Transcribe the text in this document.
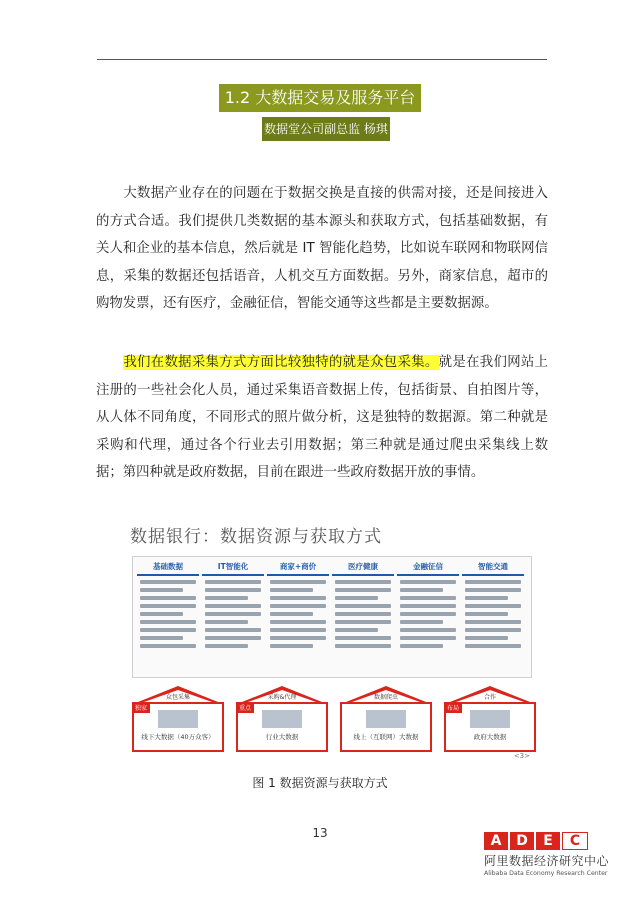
1.2 大数据交易及服务平台
数据堂公司副总监 杨琪

大数据产业存在的问题在于数据交换是直接的供需对接，还是间接进入的方式合适。我们提供几类数据的基本源头和获取方式，包括基础数据，有关人和企业的基本信息，然后就是 IT 智能化趋势，比如说车联网和物联网信息，采集的数据还包括语音，人机交互方面数据。另外，商家信息，超市的购物发票，还有医疗，金融征信，智能交通等这些都是主要数据源。

我们在数据采集方式方面比较独特的就是众包采集。就是在我们网站上注册的一些社会化人员，通过采集语音数据上传，包括街景、自拍图片等，从人体不同角度，不同形式的照片做分析，这是独特的数据源。第二种就是采购和代理，通过各个行业去引用数据；第三种就是通过爬虫采集线上数据；第四种就是政府数据，目前在跟进一些政府数据开放的事情。

数据银行：数据资源与获取方式
基础数据	IT智能化	商家+商价	医疗健康	金融征信	智能交通
众包采集
独家
线下大数据（40万众客）
采购&代理
重点
行业大数据
数据爬虫
线上（互联网）大数据
合作
布局
政府大数据
<3>
图 1 数据资源与获取方式
13	A	D	E	C
阿里数据经济研究中心
Alibaba Data Economy Research Center
